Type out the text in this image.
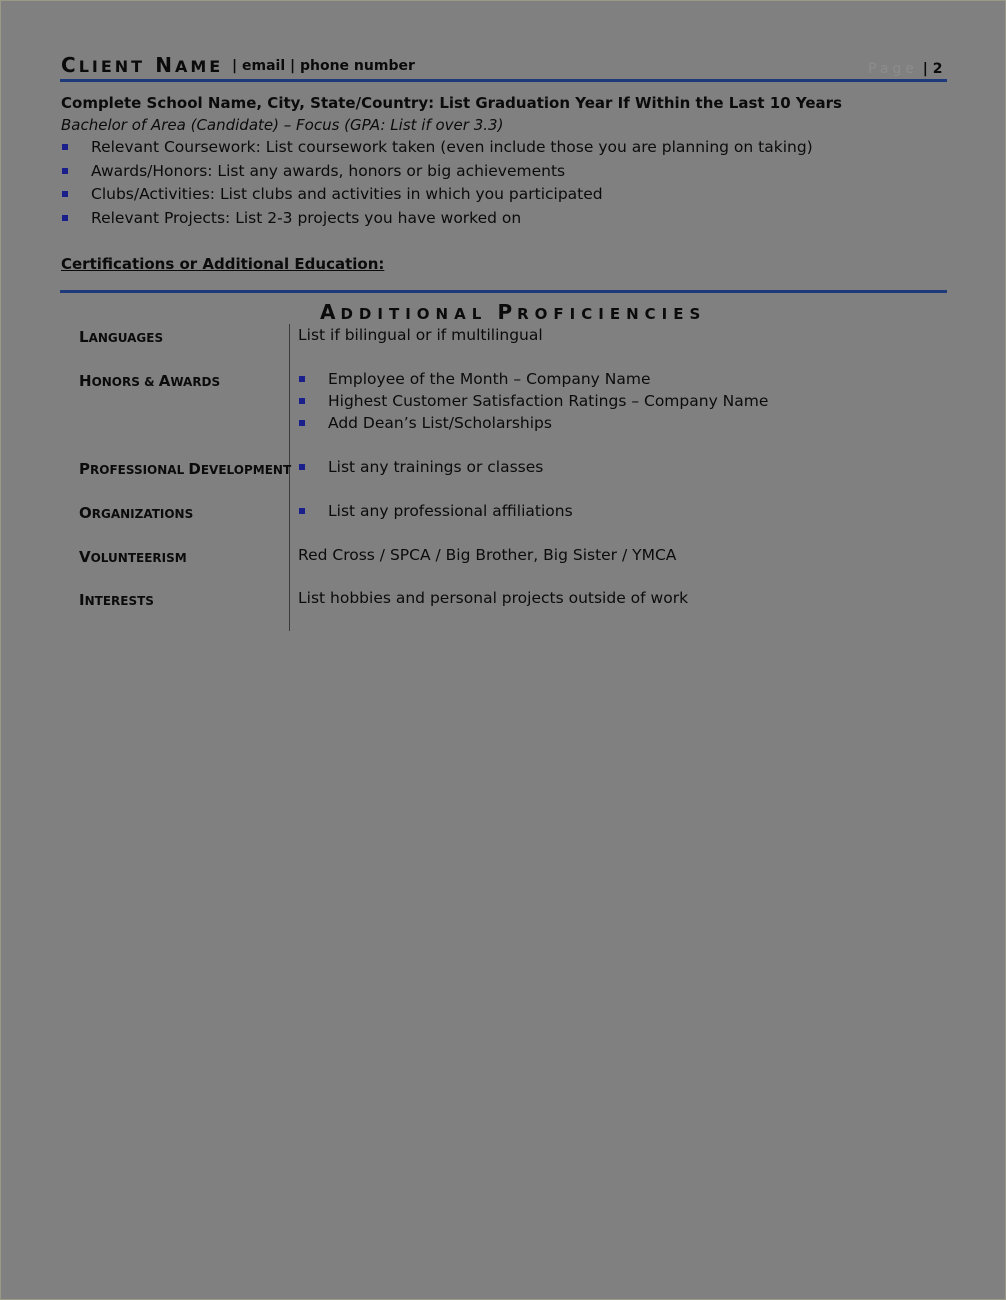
CLIENT NAME | email | phone number	Page | 2
Complete School Name, City, State/Country: List Graduation Year If Within the Last 10 Years
Bachelor of Area (Candidate) – Focus (GPA: List if over 3.3)
Relevant Coursework: List coursework taken (even include those you are planning on taking)
Awards/Honors: List any awards, honors or big achievements
Clubs/Activities: List clubs and activities in which you participated
Relevant Projects: List 2-3 projects you have worked on
Certifications or Additional Education:
ADDITIONAL PROFICIENCIES
LANGUAGES	List if bilingual or if multilingual
HONORS & AWARDS	Employee of the Month – Company Name
Highest Customer Satisfaction Ratings – Company Name
Add Dean’s List/Scholarships
PROFESSIONAL DEVELOPMENT List any trainings or classes
ORGANIZATIONS	List any professional affiliations
VOLUNTEERISM	Red Cross / SPCA / Big Brother, Big Sister / YMCA
INTERESTS	List hobbies and personal projects outside of work
